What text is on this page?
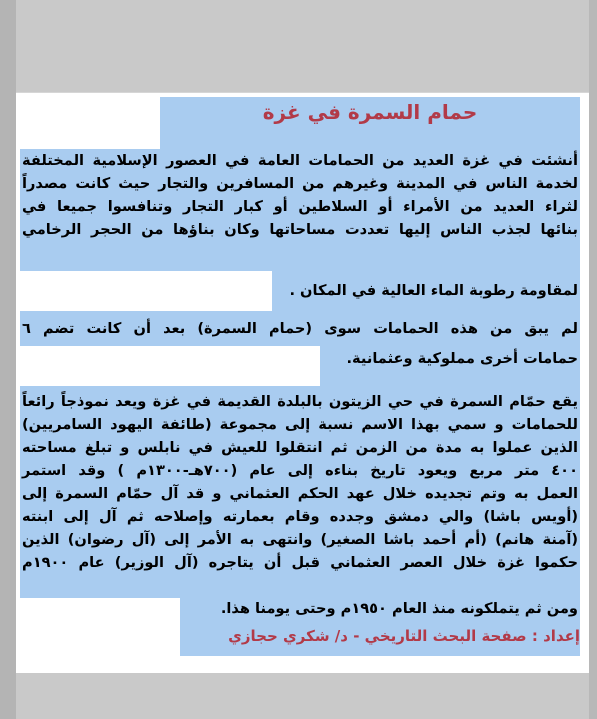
حمام السمرة في غزة
أنشئت في غزة العديد من الحمامات العامة في العصور الإسلامية المختلفة
لخدمة الناس في المدينة وغيرهم من المسافرين والتجار حيث كانت مصدراً
لثراء العديد من الأمراء أو السلاطين أو كبار التجار وتنافسوا جميعا في
بنائها لجذب الناس إليها تعددت مساحاتها وكان بناؤها من الحجر الرخامي
لمقاومة رطوبة الماء العالية في المكان .
لم يبق من هذه الحمامات سوى (حمام السمرة) بعد أن كانت تضم ٦
حمامات أخرى مملوكية وعثمانية.
يقع حمّام السمرة في حي الزيتون بالبلدة القديمة في غزة ويعد نموذجاً رائعاً
للحمامات و سمي بهذا الاسم نسبة إلى مجموعة (طائفة اليهود السامريين)
الذين عملوا به مدة من الزمن ثم انتقلوا للعيش في نابلس و تبلغ مساحته
٤٠٠ متر مربع ويعود تاريخ بناءه إلى عام (٧٠٠هـ-١٣٠٠م ) وقد استمر
العمل به وتم تجديده خلال عهد الحكم العثماني و قد آل حمّام السمرة إلى
(أويس باشا) والي دمشق وجدده وقام بعمارته وإصلاحه ثم آل إلى ابنته
(آمنة هانم) (أم أحمد باشا الصغير) وانتهى به الأمر إلى (آل رضوان) الذين
حكموا غزة خلال العصر العثماني قبل أن يتاجره (آل الوزير) عام ١٩٠٠م
ومن ثم يتملكونه منذ العام ١٩٥٠م وحتى يومنا هذا.
إعداد : صفحة البحث التاريخي - د/ شكري حجازي
